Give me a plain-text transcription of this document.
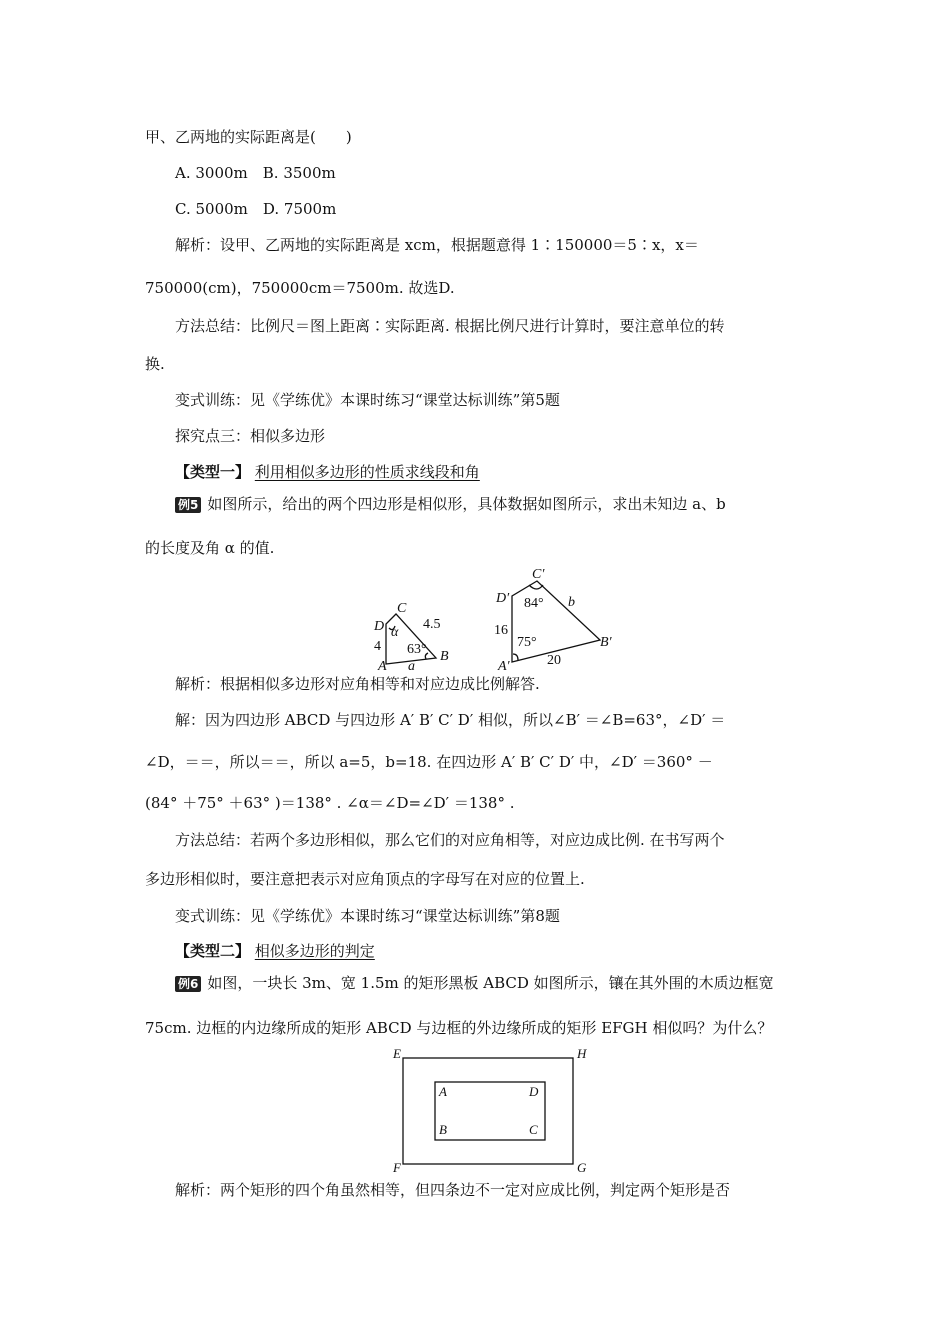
甲、乙两地的实际距离是(　　)
A. 3000m　B. 3500m
C. 5000m　D. 7500m
解析：设甲、乙两地的实际距离是 xcm，根据题意得 1∶150000＝5∶x，x＝
750000(cm)，750000cm＝7500m. 故选D.
方法总结：比例尺＝图上距离∶实际距离. 根据比例尺进行计算时，要注意单位的转
换.
变式训练：见《学练优》本课时练习“课堂达标训练”第5题
探究点三：相似多边形
【类型一】 利用相似多边形的性质求线段和角
例5 如图所示，给出的两个四边形是相似形，具体数据如图所示，求出未知边 a、b
的长度及角 α 的值.
A
B
C
D α
63°
4
4.5
a	A′
B′
C′
D′ 84°
75°
16
b
20
解析：根据相似多边形对应角相等和对应边成比例解答.
解：因为四边形 ABCD 与四边形 A′ B′ C′ D′ 相似，所以∠B′ ＝∠B=63°，∠D′ ＝
∠D，＝＝，所以＝＝，所以 a=5，b=18. 在四边形 A′ B′ C′ D′ 中，∠D′ ＝360° －
(84° ＋75° ＋63° )＝138° . ∠α＝∠D=∠D′ ＝138° .
方法总结：若两个多边形相似，那么它们的对应角相等，对应边成比例. 在书写两个
多边形相似时，要注意把表示对应角顶点的字母写在对应的位置上.
变式训练：见《学练优》本课时练习“课堂达标训练”第8题
【类型二】 相似多边形的判定
例6 如图，一块长 3m、宽 1.5m 的矩形黑板 ABCD 如图所示，镶在其外围的木质边框宽
75cm. 边框的内边缘所成的矩形 ABCD 与边框的外边缘所成的矩形 EFGH 相似吗？为什么？
E	H
F	G
A	D
B	C
解析：两个矩形的四个角虽然相等，但四条边不一定对应成比例，判定两个矩形是否
